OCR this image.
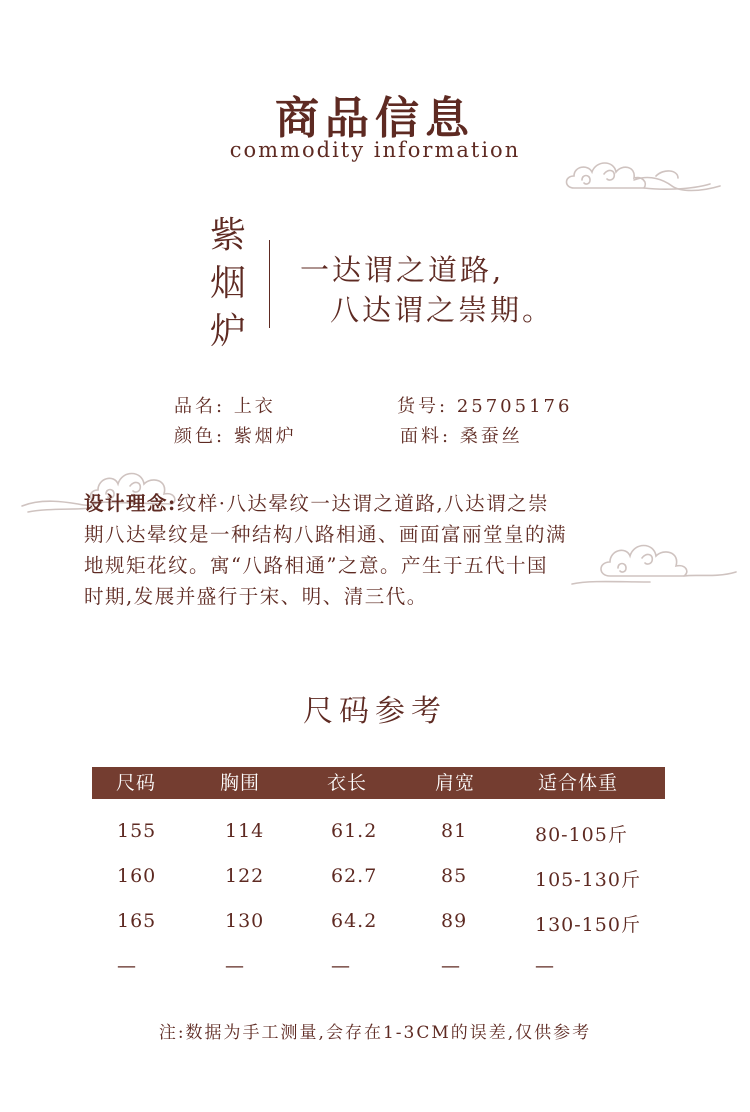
商品信息
commodity information
紫
烟
炉
一达谓之道路,
八达谓之崇期。
品名: 上衣	货号: 25705176
颜色: 紫烟炉	面料: 桑蚕丝
设计理念:纹样·八达晕纹一达谓之道路,八达谓之崇
期八达晕纹是一种结构八路相通、画面富丽堂皇的满
地规矩花纹。寓“八路相通”之意。产生于五代十国
时期,发展并盛行于宋、明、清三代。
尺码参考
尺码	胸围	衣长	肩宽	适合体重
155	114	61.2	81	80-105斤
160	122	62.7	85	105-130斤
165	130	64.2	89	130-150斤
—	—	—	—	—
注:数据为手工测量,会存在1-3CM的误差,仅供参考
